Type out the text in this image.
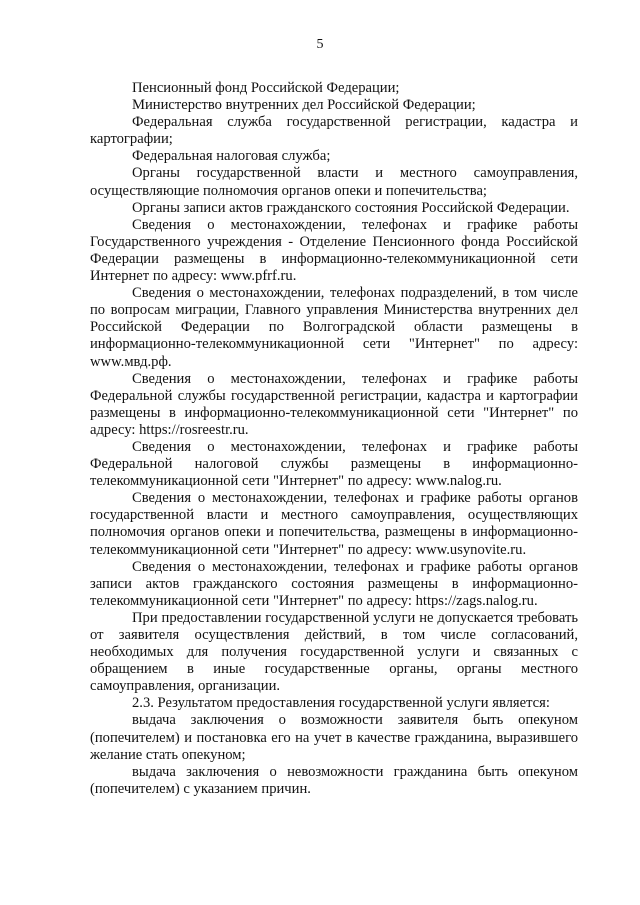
5

Пенсионный фонд Российской Федерации;

Министерство внутренних дел Российской Федерации;

Федеральная служба государственной регистрации, кадастра и картографии;

Федеральная налоговая служба;

Органы государственной власти и местного самоуправления, осуществляющие полномочия органов опеки и попечительства;

Органы записи актов гражданского состояния Российской Федерации.

Сведения о местонахождении, телефонах и графике работы Государственного учреждения - Отделение Пенсионного фонда Российской Федерации размещены в информационно-телекоммуникационной сети Интернет по адресу: www.pfrf.ru.

Сведения о местонахождении, телефонах подразделений, в том числе по вопросам миграции, Главного управления Министерства внутренних дел Российской Федерации по Волгоградской области размещены в информационно-телекоммуникационной сети "Интернет" по адресу: www.мвд.рф.

Сведения о местонахождении, телефонах и графике работы Федеральной службы государственной регистрации, кадастра и картографии размещены в информационно-телекоммуникационной сети "Интернет" по адресу: https://rosreestr.ru.

Сведения о местонахождении, телефонах и графике работы Федеральной налоговой службы размещены в информационно-телекоммуникационной сети "Интернет" по адресу: www.nalog.ru.

Сведения о местонахождении, телефонах и графике работы органов государственной власти и местного самоуправления, осуществляющих полномочия органов опеки и попечительства, размещены в информационно-телекоммуникационной сети "Интернет" по адресу: www.usynovite.ru.

Сведения о местонахождении, телефонах и графике работы органов записи актов гражданского состояния размещены в информационно-телекоммуникационной сети "Интернет" по адресу: https://zags.nalog.ru.

При предоставлении государственной услуги не допускается требовать от заявителя осуществления действий, в том числе согласований, необходимых для получения государственной услуги и связанных с обращением в иные государственные органы, органы местного самоуправления, организации.

2.3. Результатом предоставления государственной услуги является:

выдача заключения о возможности заявителя быть опекуном (попечителем) и постановка его на учет в качестве гражданина, выразившего желание стать опекуном;

выдача заключения о невозможности гражданина быть опекуном (попечителем) с указанием причин.
